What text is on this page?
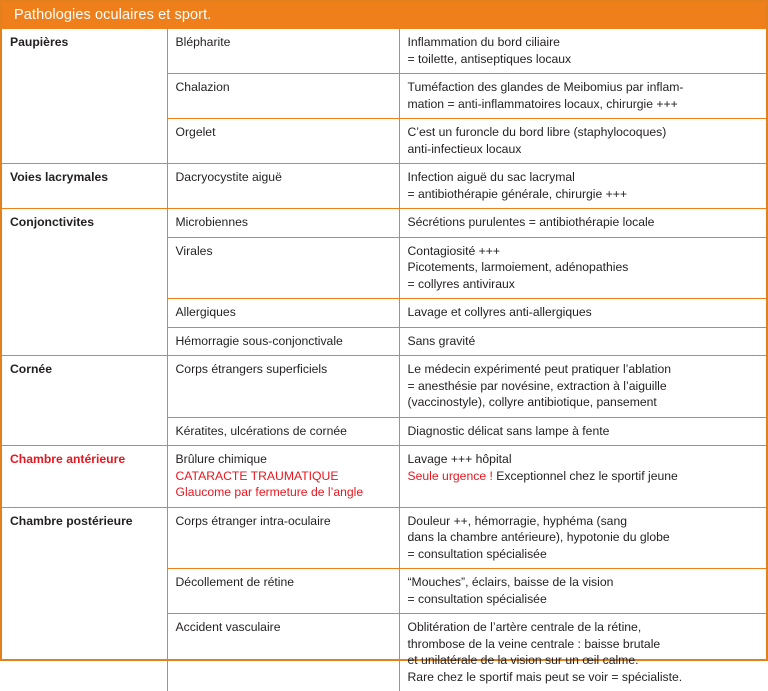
Pathologies oculaires et sport.
Paupières	Blépharite	Inflammation du bord ciliaire
= toilette, antiseptiques locaux

	Chalazion	Tuméfaction des glandes de Meibomius par inflam-
mation = anti-inflammatoires locaux, chirurgie +++

	Orgelet	C’est un furoncle du bord libre (staphylocoques)
anti-infectieux locaux

Voies lacrymales	Dacryocystite aiguë	Infection aiguë du sac lacrymal
= antibiothérapie générale, chirurgie +++

Conjonctivites	Microbiennes	Sécrétions purulentes = antibiothérapie locale

	Virales	Contagiosité +++
Picotements, larmoiement, adénopathies
= collyres antiviraux

	Allergiques	Lavage et collyres anti-allergiques

	Hémorragie sous-conjonctivale	Sans gravité

Cornée	Corps étrangers superficiels	Le médecin expérimenté peut pratiquer l’ablation
= anesthésie par novésine, extraction à l’aiguille
(vaccinostyle), collyre antibiotique, pansement

	Kératites, ulcérations de cornée	Diagnostic délicat sans lampe à fente

Chambre antérieure	Brûlure chimique
CATARACTE TRAUMATIQUE
Glaucome par fermeture de l’angle	Lavage +++ hôpital
Seule urgence ! Exceptionnel chez le sportif jeune

Chambre postérieure	Corps étranger intra-oculaire	Douleur ++, hémorragie, hyphéma (sang
dans la chambre antérieure), hypotonie du globe
= consultation spécialisée

	Décollement de rétine	“Mouches”, éclairs, baisse de la vision
= consultation spécialisée

	Accident vasculaire	Oblitération de l’artère centrale de la rétine,
thrombose de la veine centrale : baisse brutale
et unilatérale de la vision sur un œil calme.
Rare chez le sportif mais peut se voir = spécialiste.
